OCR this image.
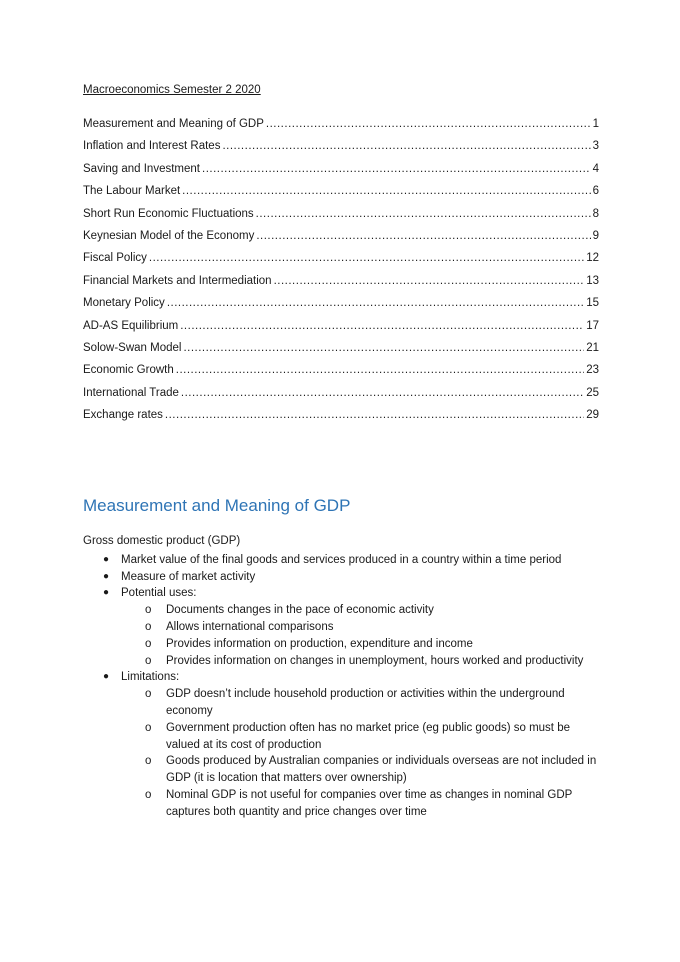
Macroeconomics Semester 2 2020
Measurement and Meaning of GDP .....	1
Inflation and Interest Rates .....	3
Saving and Investment .....	4
The Labour Market .....	6
Short Run Economic Fluctuations .....	8
Keynesian Model of the Economy .....	9
Fiscal Policy .....	12
Financial Markets and Intermediation .....	13
Monetary Policy .....	15
AD-AS Equilibrium .....	17
Solow-Swan Model .....	21
Economic Growth .....	23
International Trade .....	25
Exchange rates .....	29
Measurement and Meaning of GDP

Gross domestic product (GDP)

● Market value of the final goods and services produced in a country within a time period
● Measure of market activity
● Potential uses:
o Documents changes in the pace of economic activity
o Allows international comparisons
o Provides information on production, expenditure and income
o Provides information on changes in unemployment, hours worked and productivity
● Limitations:
o GDP doesn’t include household production or activities within the underground economy
o Government production often has no market price (eg public goods) so must be valued at its cost of production
o Goods produced by Australian companies or individuals overseas are not included in GDP (it is location that matters over ownership)
o Nominal GDP is not useful for companies over time as changes in nominal GDP captures both quantity and price changes over time
